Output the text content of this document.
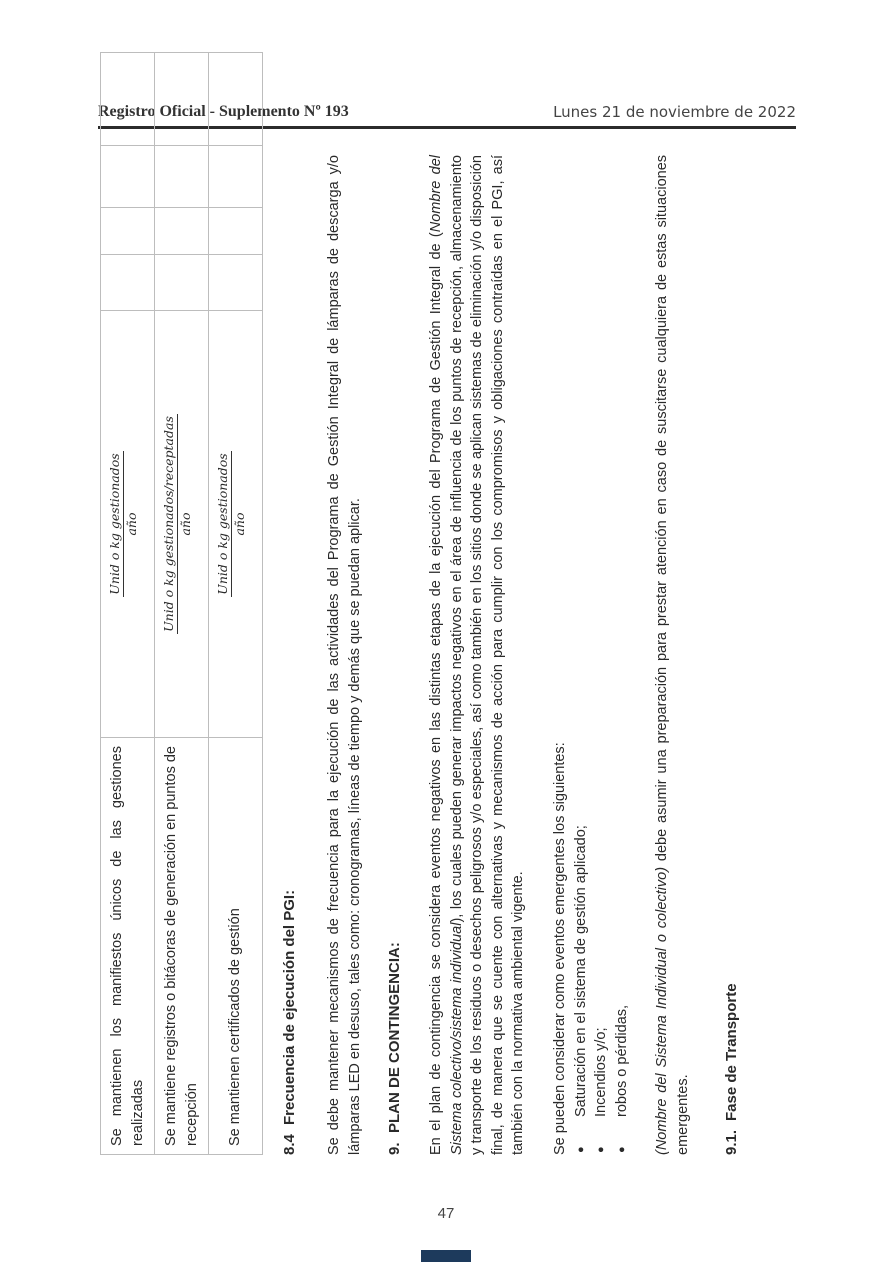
Registro Oficial - Suplemento Nº 193	Lunes 21 de noviembre de 2022
Se mantienen los manifiestos únicos de las gestiones realizadas	Unid o kg gestionados año				

Se mantiene registros o bitácoras de generación en puntos de recepción	Unid o kg gestionados/receptadas año				

Se mantienen certificados de gestión	Unid o kg gestionados año				

8.4Frecuencia de ejecución del PGI: Se debe mantener mecanismos de frecuencia para la ejecución de las actividades del Programa de Gestión Integral de lámparas de descarga y/o lámparas LED en desuso, tales como: cronogramas, líneas de tiempo y demás que se puedan aplicar. 9.PLAN DE CONTINGENCIA: En el plan de contingencia se considera eventos negativos en las distintas etapas de la ejecución del Programa de Gestión Integral de (Nombre del Sistema colectivo/sistema individual), los cuales pueden generar impactos negativos en el área de influencia de los puntos de recepción, almacenamiento y transporte de los residuos o desechos peligrosos y/o especiales, así como también en los sitios donde se aplican sistemas de eliminación y/o disposición final, de manera que se cuente con alternativas y mecanismos de acción para cumplir con los compromisos y obligaciones contraídas en el PGI, así también con la normativa ambiental vigente. Se pueden considerar como eventos emergentes los siguientes: ● Saturación en el sistema de gestión aplicado; ● Incendios y/o; ● robos o pérdidas, (Nombre del Sistema Individual o colectivo) debe asumir una preparación para prestar atención en caso de suscitarse cualquiera de estas situaciones emergentes. 9.1.Fase de Transporte
47
